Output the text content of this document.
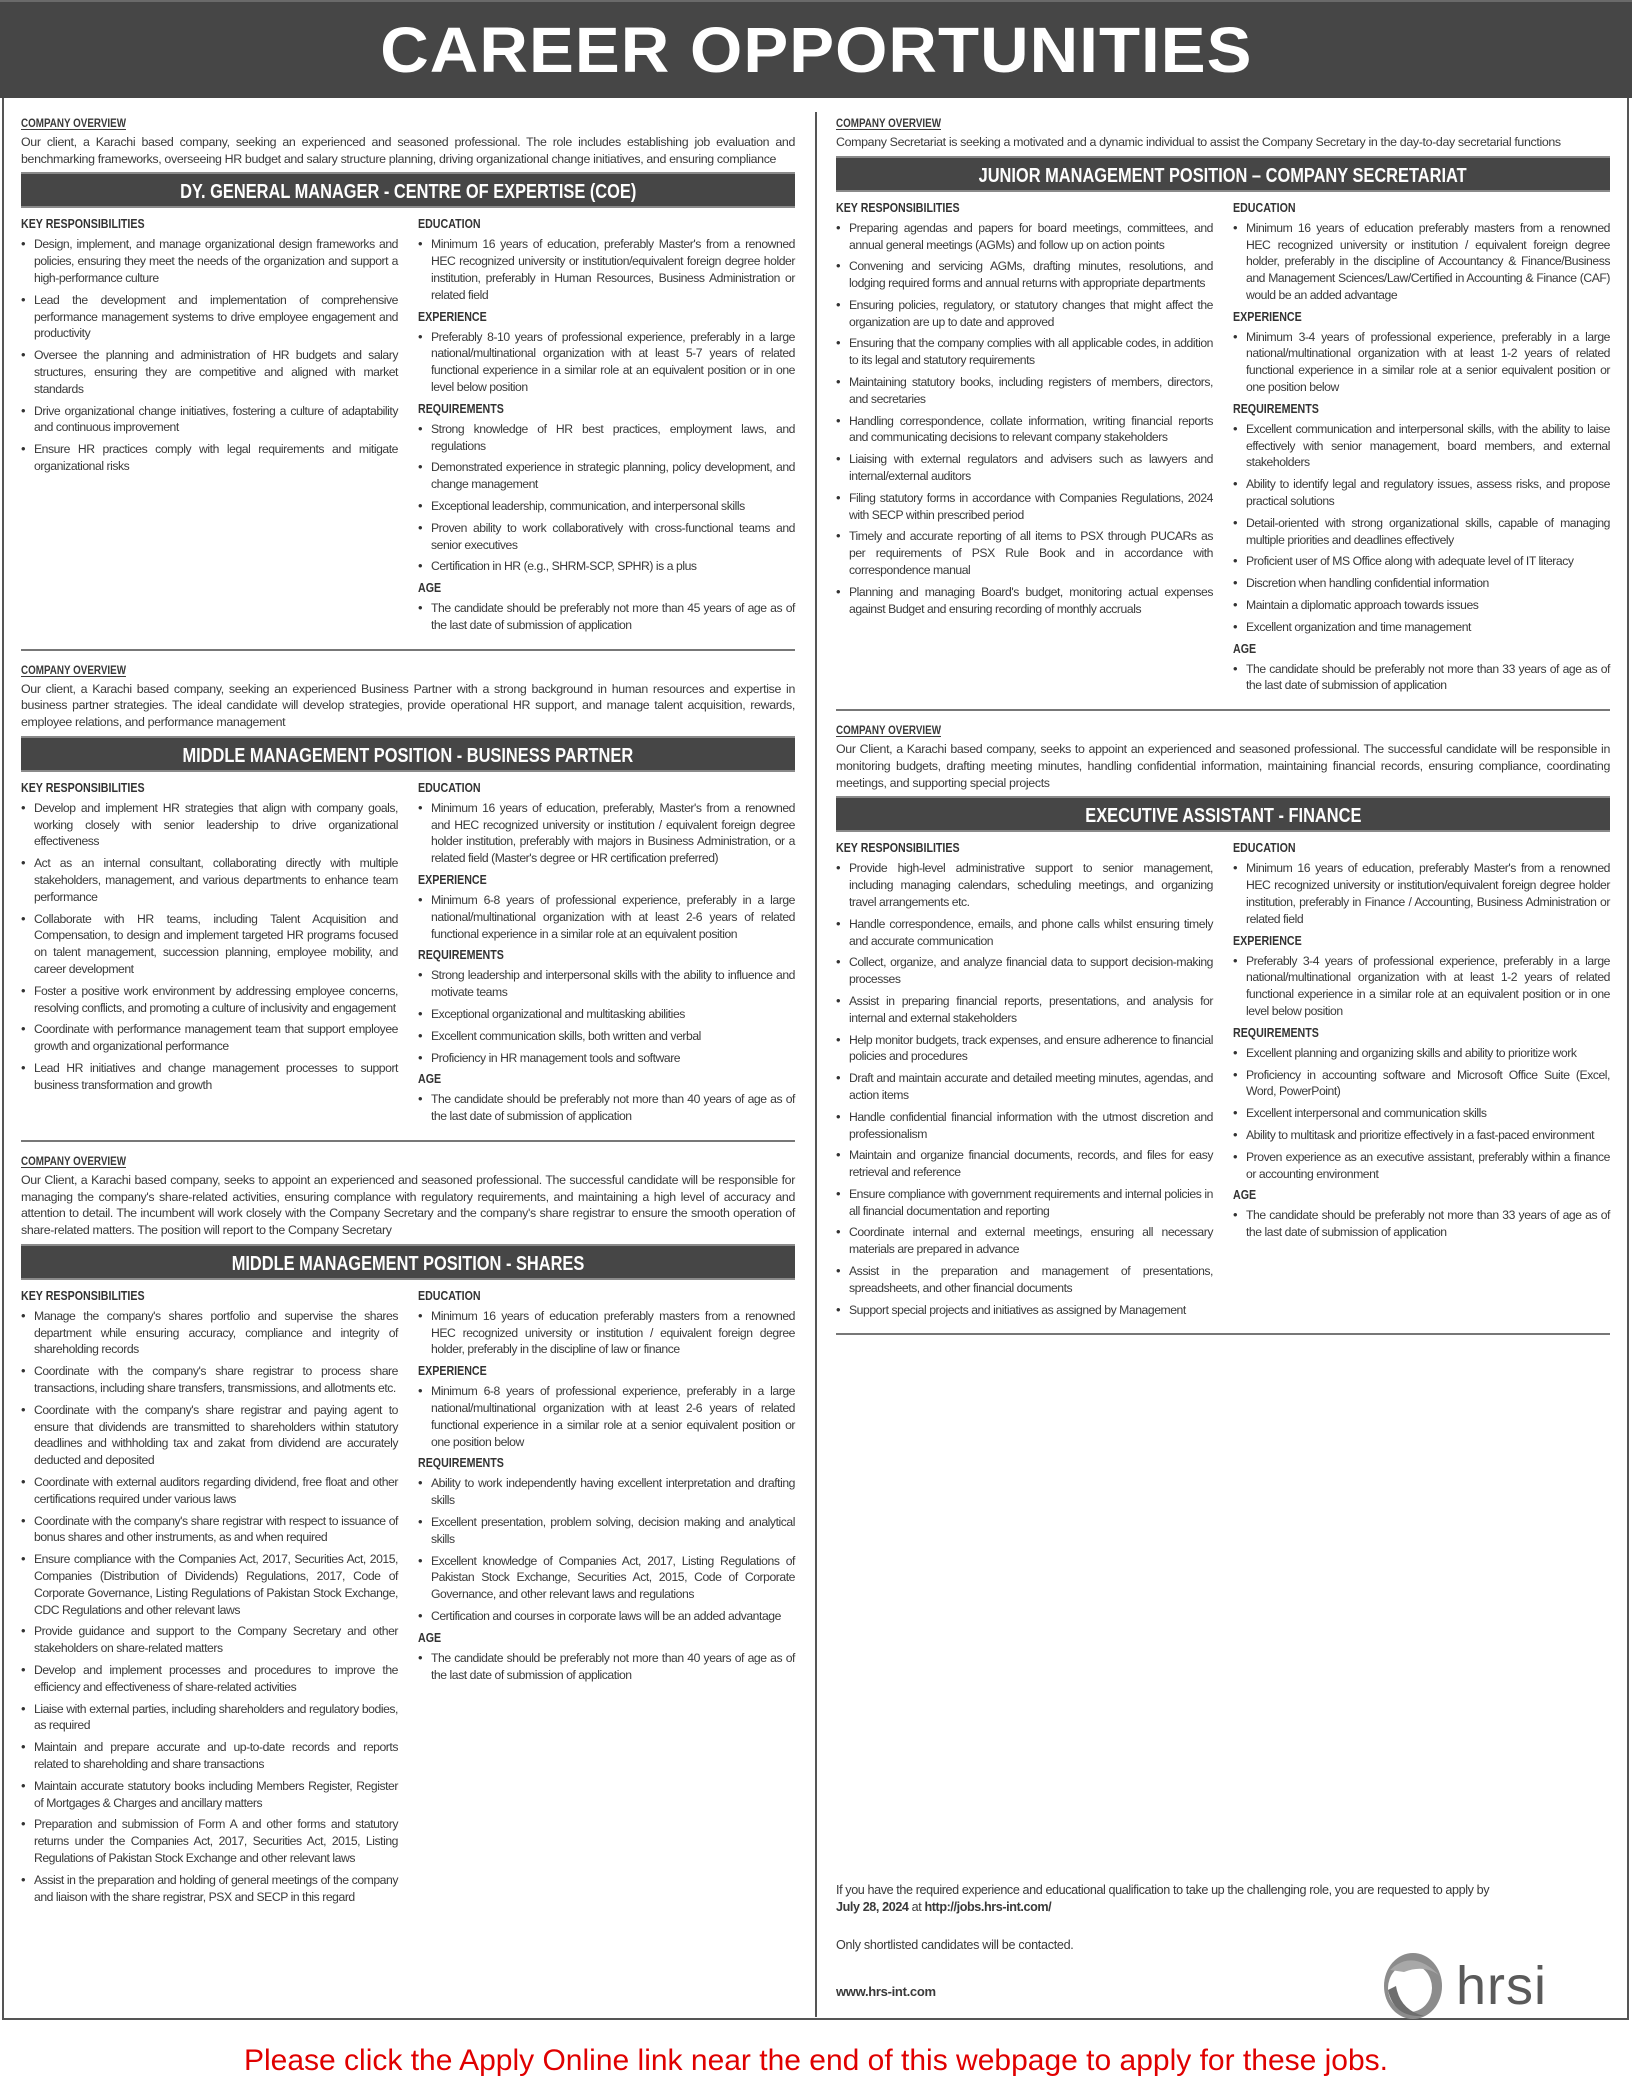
CAREER OPPORTUNITIES
COMPANY OVERVIEW
Our client, a Karachi based company, seeking an experienced and seasoned professional. The role includes establishing job evaluation and benchmarking frameworks, overseeing HR budget and salary structure planning, driving organizational change initiatives, and ensuring compliance
DY. GENERAL MANAGER - CENTRE OF EXPERTISE (COE)
KEY RESPONSIBILITIES
• Design, implement, and manage organizational design frameworks and policies, ensuring they meet the needs of the organization and support a high-performance culture
• Lead the development and implementation of comprehensive performance management systems to drive employee engagement and productivity
• Oversee the planning and administration of HR budgets and salary structures, ensuring they are competitive and aligned with market standards
• Drive organizational change initiatives, fostering a culture of adaptability and continuous improvement
• Ensure HR practices comply with legal requirements and mitigate organizational risks
EDUCATION
• Minimum 16 years of education, preferably Master's from a renowned HEC recognized university or institution/equivalent foreign degree holder institution, preferably in Human Resources, Business Administration or related field
EXPERIENCE
• Preferably 8-10 years of professional experience, preferably in a large national/multinational organization with at least 5-7 years of related functional experience in a similar role at an equivalent position or in one level below position
REQUIREMENTS
• Strong knowledge of HR best practices, employment laws, and regulations
• Demonstrated experience in strategic planning, policy development, and change management
• Exceptional leadership, communication, and interpersonal skills
• Proven ability to work collaboratively with cross-functional teams and senior executives
• Certification in HR (e.g., SHRM-SCP, SPHR) is a plus
AGE
• The candidate should be preferably not more than 45 years of age as of the last date of submission of application
COMPANY OVERVIEW
Our client, a Karachi based company, seeking an experienced Business Partner with a strong background in human resources and expertise in business partner strategies. The ideal candidate will develop strategies, provide operational HR support, and manage talent acquisition, rewards, employee relations, and performance management
MIDDLE MANAGEMENT POSITION - BUSINESS PARTNER
KEY RESPONSIBILITIES
• Develop and implement HR strategies that align with company goals, working closely with senior leadership to drive organizational effectiveness
• Act as an internal consultant, collaborating directly with multiple stakeholders, management, and various departments to enhance team performance
• Collaborate with HR teams, including Talent Acquisition and Compensation, to design and implement targeted HR programs focused on talent management, succession planning, employee mobility, and career development
• Foster a positive work environment by addressing employee concerns, resolving conflicts, and promoting a culture of inclusivity and engagement
• Coordinate with performance management team that support employee growth and organizational performance
• Lead HR initiatives and change management processes to support business transformation and growth
EDUCATION
• Minimum 16 years of education, preferably, Master's from a renowned and HEC recognized university or institution / equivalent foreign degree holder institution, preferably with majors in Business Administration, or a related field (Master's degree or HR certification preferred)
EXPERIENCE
• Minimum 6-8 years of professional experience, preferably in a large national/multinational organization with at least 2-6 years of related functional experience in a similar role at an equivalent position
REQUIREMENTS
• Strong leadership and interpersonal skills with the ability to influence and motivate teams
• Exceptional organizational and multitasking abilities
• Excellent communication skills, both written and verbal
• Proficiency in HR management tools and software
AGE
• The candidate should be preferably not more than 40 years of age as of the last date of submission of application
COMPANY OVERVIEW
Our Client, a Karachi based company, seeks to appoint an experienced and seasoned professional. The successful candidate will be responsible for managing the company's share-related activities, ensuring complance with regulatory requirements, and maintaining a high level of accuracy and attention to detail. The incumbent will work closely with the Company Secretary and the company's share registrar to ensure the smooth operation of share-related matters. The position will report to the Company Secretary
MIDDLE MANAGEMENT POSITION - SHARES
KEY RESPONSIBILITIES
• Manage the company's shares portfolio and supervise the shares department while ensuring accuracy, compliance and integrity of shareholding records
• Coordinate with the company's share registrar to process share transactions, including share transfers, transmissions, and allotments etc.
• Coordinate with the company's share registrar and paying agent to ensure that dividends are transmitted to shareholders within statutory deadlines and withholding tax and zakat from dividend are accurately deducted and deposited
• Coordinate with external auditors regarding dividend, free float and other certifications required under various laws
• Coordinate with the company's share registrar with respect to issuance of bonus shares and other instruments, as and when required
• Ensure compliance with the Companies Act, 2017, Securities Act, 2015, Companies (Distribution of Dividends) Regulations, 2017, Code of Corporate Governance, Listing Regulations of Pakistan Stock Exchange, CDC Regulations and other relevant laws
• Provide guidance and support to the Company Secretary and other stakeholders on share-related matters
• Develop and implement processes and procedures to improve the efficiency and effectiveness of share-related activities
• Liaise with external parties, including shareholders and regulatory bodies, as required
• Maintain and prepare accurate and up-to-date records and reports related to shareholding and share transactions
• Maintain accurate statutory books including Members Register, Register of Mortgages & Charges and ancillary matters
• Preparation and submission of Form A and other forms and statutory returns under the Companies Act, 2017, Securities Act, 2015, Listing Regulations of Pakistan Stock Exchange and other relevant laws
• Assist in the preparation and holding of general meetings of the company and liaison with the share registrar, PSX and SECP in this regard
EDUCATION
• Minimum 16 years of education preferably masters from a renowned HEC recognized university or institution / equivalent foreign degree holder, preferably in the discipline of law or finance
EXPERIENCE
• Minimum 6-8 years of professional experience, preferably in a large national/multinational organization with at least 2-6 years of related functional experience in a similar role at a senior equivalent position or one position below
REQUIREMENTS
• Ability to work independently having excellent interpretation and drafting skills
• Excellent presentation, problem solving, decision making and analytical skills
• Excellent knowledge of Companies Act, 2017, Listing Regulations of Pakistan Stock Exchange, Securities Act, 2015, Code of Corporate Governance, and other relevant laws and regulations
• Certification and courses in corporate laws will be an added advantage
AGE
• The candidate should be preferably not more than 40 years of age as of the last date of submission of application
COMPANY OVERVIEW
Company Secretariat is seeking a motivated and a dynamic individual to assist the Company Secretary in the day-to-day secretarial functions
JUNIOR MANAGEMENT POSITION – COMPANY SECRETARIAT
KEY RESPONSIBILITIES
• Preparing agendas and papers for board meetings, committees, and annual general meetings (AGMs) and follow up on action points
• Convening and servicing AGMs, drafting minutes, resolutions, and lodging required forms and annual returns with appropriate departments
• Ensuring policies, regulatory, or statutory changes that might affect the organization are up to date and approved
• Ensuring that the company complies with all applicable codes, in addition to its legal and statutory requirements
• Maintaining statutory books, including registers of members, directors, and secretaries
• Handling correspondence, collate information, writing financial reports and communicating decisions to relevant company stakeholders
• Liaising with external regulators and advisers such as lawyers and internal/external auditors
• Filing statutory forms in accordance with Companies Regulations, 2024 with SECP within prescribed period
• Timely and accurate reporting of all items to PSX through PUCARs as per requirements of PSX Rule Book and in accordance with correspondence manual
• Planning and managing Board's budget, monitoring actual expenses against Budget and ensuring recording of monthly accruals
EDUCATION
• Minimum 16 years of education preferably masters from a renowned HEC recognized university or institution / equivalent foreign degree holder, preferably in the discipline of Accountancy & Finance/Business and Management Sciences/Law/Certified in Accounting & Finance (CAF) would be an added advantage
EXPERIENCE
• Minimum 3-4 years of professional experience, preferably in a large national/multinational organization with at least 1-2 years of related functional experience in a similar role at a senior equivalent position or one position below
REQUIREMENTS
• Excellent communication and interpersonal skills, with the ability to laise effectively with senior management, board members, and external stakeholders
• Ability to identify legal and regulatory issues, assess risks, and propose practical solutions
• Detail-oriented with strong organizational skills, capable of managing multiple priorities and deadlines effectively
• Proficient user of MS Office along with adequate level of IT literacy
• Discretion when handling confidential information
• Maintain a diplomatic approach towards issues
• Excellent organization and time management
AGE
• The candidate should be preferably not more than 33 years of age as of the last date of submission of application
COMPANY OVERVIEW
Our Client, a Karachi based company, seeks to appoint an experienced and seasoned professional. The successful candidate will be responsible in monitoring budgets, drafting meeting minutes, handling confidential information, maintaining financial records, ensuring compliance, coordinating meetings, and supporting special projects
EXECUTIVE ASSISTANT - FINANCE
KEY RESPONSIBILITIES
• Provide high-level administrative support to senior management, including managing calendars, scheduling meetings, and organizing travel arrangements etc.
• Handle correspondence, emails, and phone calls whilst ensuring timely and accurate communication
• Collect, organize, and analyze financial data to support decision-making processes
• Assist in preparing financial reports, presentations, and analysis for internal and external stakeholders
• Help monitor budgets, track expenses, and ensure adherence to financial policies and procedures
• Draft and maintain accurate and detailed meeting minutes, agendas, and action items
• Handle confidential financial information with the utmost discretion and professionalism
• Maintain and organize financial documents, records, and files for easy retrieval and reference
• Ensure compliance with government requirements and internal policies in all financial documentation and reporting
• Coordinate internal and external meetings, ensuring all necessary materials are prepared in advance
• Assist in the preparation and management of presentations, spreadsheets, and other financial documents
• Support special projects and initiatives as assigned by Management
EDUCATION
• Minimum 16 years of education, preferably Master's from a renowned HEC recognized university or institution/equivalent foreign degree holder institution, preferably in Finance / Accounting, Business Administration or related field
EXPERIENCE
• Preferably 3-4 years of professional experience, preferably in a large national/multinational organization with at least 1-2 years of related functional experience in a similar role at an equivalent position or in one level below position
REQUIREMENTS
• Excellent planning and organizing skills and ability to prioritize work
• Proficiency in accounting software and Microsoft Office Suite (Excel, Word, PowerPoint)
• Excellent interpersonal and communication skills
• Ability to multitask and prioritize effectively in a fast-paced environment
• Proven experience as an executive assistant, preferably within a finance or accounting environment
AGE
• The candidate should be preferably not more than 33 years of age as of the last date of submission of application
If you have the required experience and educational qualification to take up the challenging role, you are requested to apply by
July 28, 2024 at http://jobs.hrs-int.com/
Only shortlisted candidates will be contacted.
www.hrs-int.com	hrsi
Please click the Apply Online link near the end of this webpage to apply for these jobs.
